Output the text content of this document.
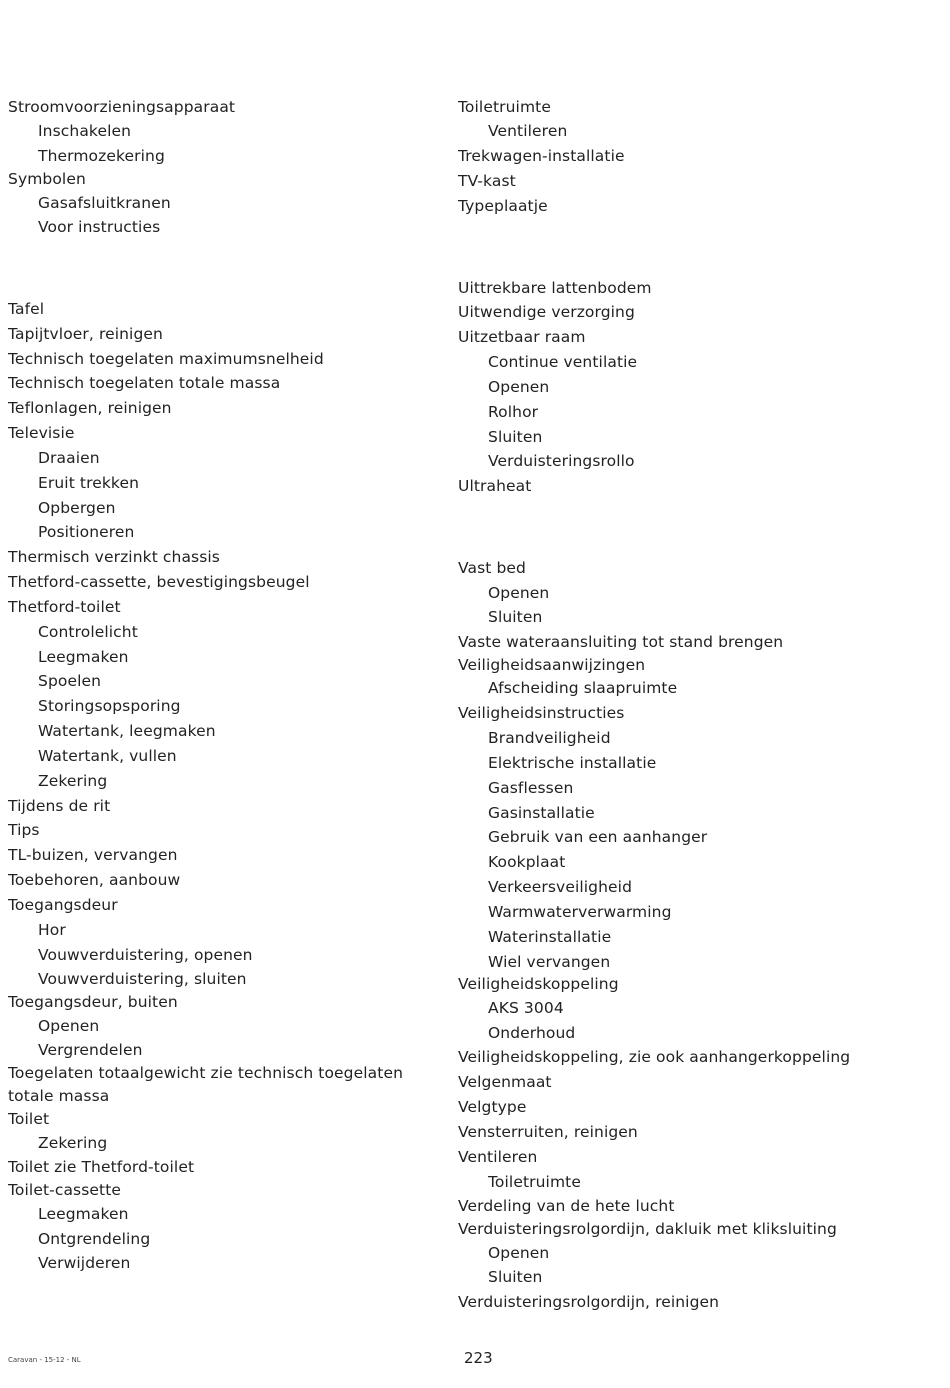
Stroomvoorzieningsapparaat
Inschakelen
Thermozekering
Symbolen
Gasafsluitkranen
Voor instructies
Tafel
Tapijtvloer, reinigen
Technisch toegelaten maximumsnelheid
Technisch toegelaten totale massa
Teflonlagen, reinigen
Televisie
Draaien
Eruit trekken
Opbergen
Positioneren
Thermisch verzinkt chassis
Thetford-cassette, bevestigingsbeugel
Thetford-toilet
Controlelicht
Leegmaken
Spoelen
Storingsopsporing
Watertank, leegmaken
Watertank, vullen
Zekering
Tijdens de rit
Tips
TL-buizen, vervangen
Toebehoren, aanbouw
Toegangsdeur
Hor
Vouwverduistering, openen
Vouwverduistering, sluiten
Toegangsdeur, buiten
Openen
Vergrendelen
Toegelaten totaalgewicht zie technisch toegelaten totale massa
Toilet
Zekering
Toilet zie Thetford-toilet
Toilet-cassette
Leegmaken
Ontgrendeling
Verwijderen
Toiletruimte
Ventileren
Trekwagen-installatie
TV-kast
Typeplaatje
Uittrekbare lattenbodem
Uitwendige verzorging
Uitzetbaar raam
Continue ventilatie
Openen
Rolhor
Sluiten
Verduisteringsrollo
Ultraheat
Vast bed
Openen
Sluiten
Vaste wateraansluiting tot stand brengen
Veiligheidsaanwijzingen
Afscheiding slaapruimte
Veiligheidsinstructies
Brandveiligheid
Elektrische installatie
Gasflessen
Gasinstallatie
Gebruik van een aanhanger
Kookplaat
Verkeersveiligheid
Warmwaterverwarming
Waterinstallatie
Wiel vervangen
Veiligheidskoppeling
AKS 3004
Onderhoud
Veiligheidskoppeling, zie ook aanhangerkoppeling
Velgenmaat
Velgtype
Vensterruiten, reinigen
Ventileren
Toiletruimte
Verdeling van de hete lucht
Verduisteringsrolgordijn, dakluik met kliksluiting
Openen
Sluiten
Verduisteringsrolgordijn, reinigen
Caravan - 15-12 - NL	223
